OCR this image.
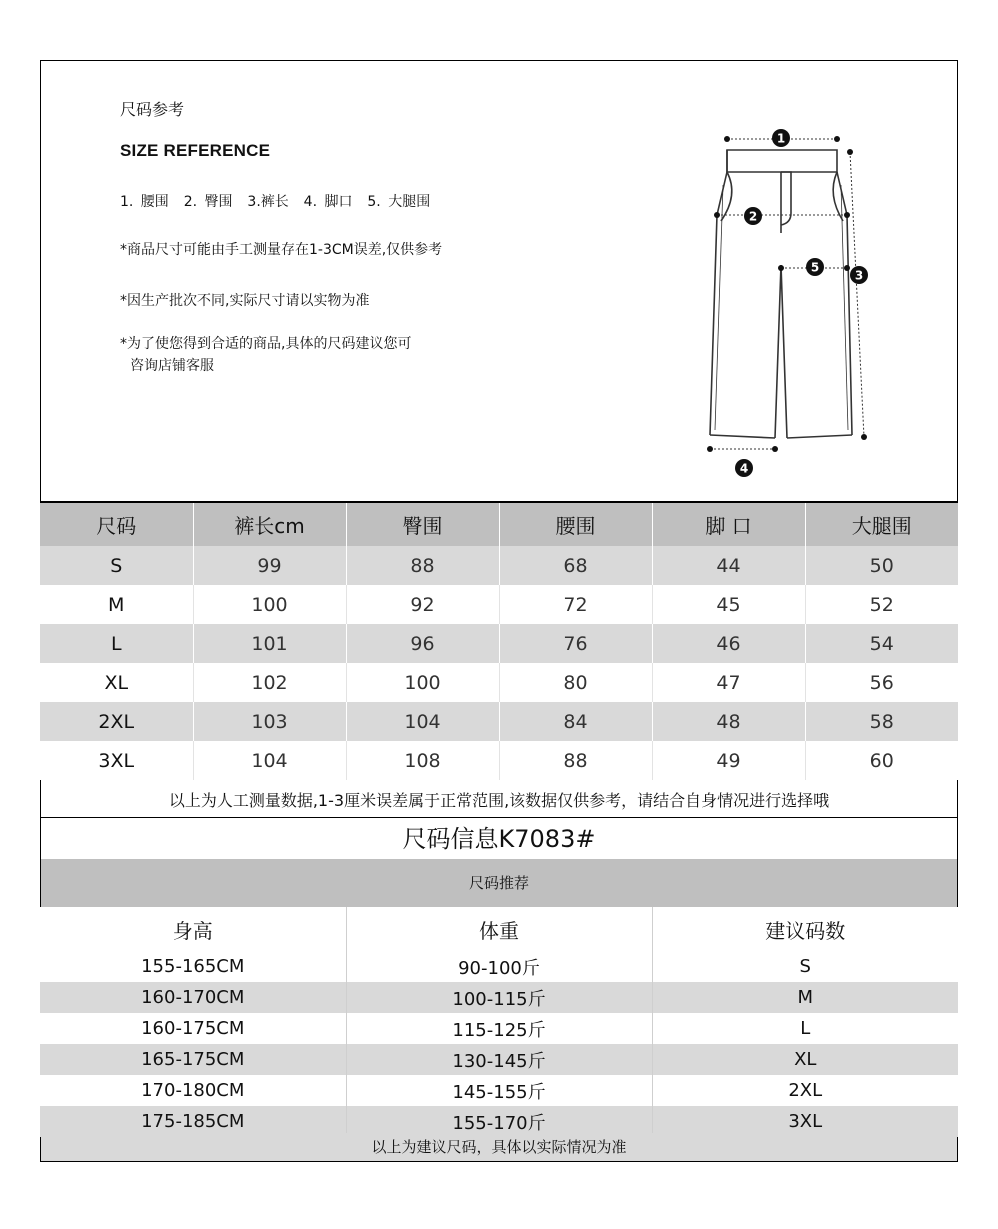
尺码参考
SIZE REFERENCE
1. 腰围  2. 臀围  3.裤长  4. 脚口  5. 大腿围
*商品尺寸可能由手工测量存在1-3CM误差,仅供参考
*因生产批次不同,实际尺寸请以实物为准
*为了使您得到合适的商品,具体的尺码建议您可
咨询店铺客服
1
2
3
4
5
尺码	裤长cm	臀围	腰围	脚 口	大腿围
S	99	88	68	44	50
M	100	92	72	45	52
L	101	96	76	46	54
XL	102	100	80	47	56
2XL	103	104	84	48	58
3XL	104	108	88	49	60
以上为人工测量数据,1-3厘米误差属于正常范围,该数据仅供参考，请结合自身情况进行选择哦
尺码信息K7083#
尺码推荐
身高	体重	建议码数
155-165CM	90-100斤	S
160-170CM	100-115斤	M
160-175CM	115-125斤	L
165-175CM	130-145斤	XL
170-180CM	145-155斤	2XL
175-185CM	155-170斤	3XL
以上为建议尺码，具体以实际情况为准
